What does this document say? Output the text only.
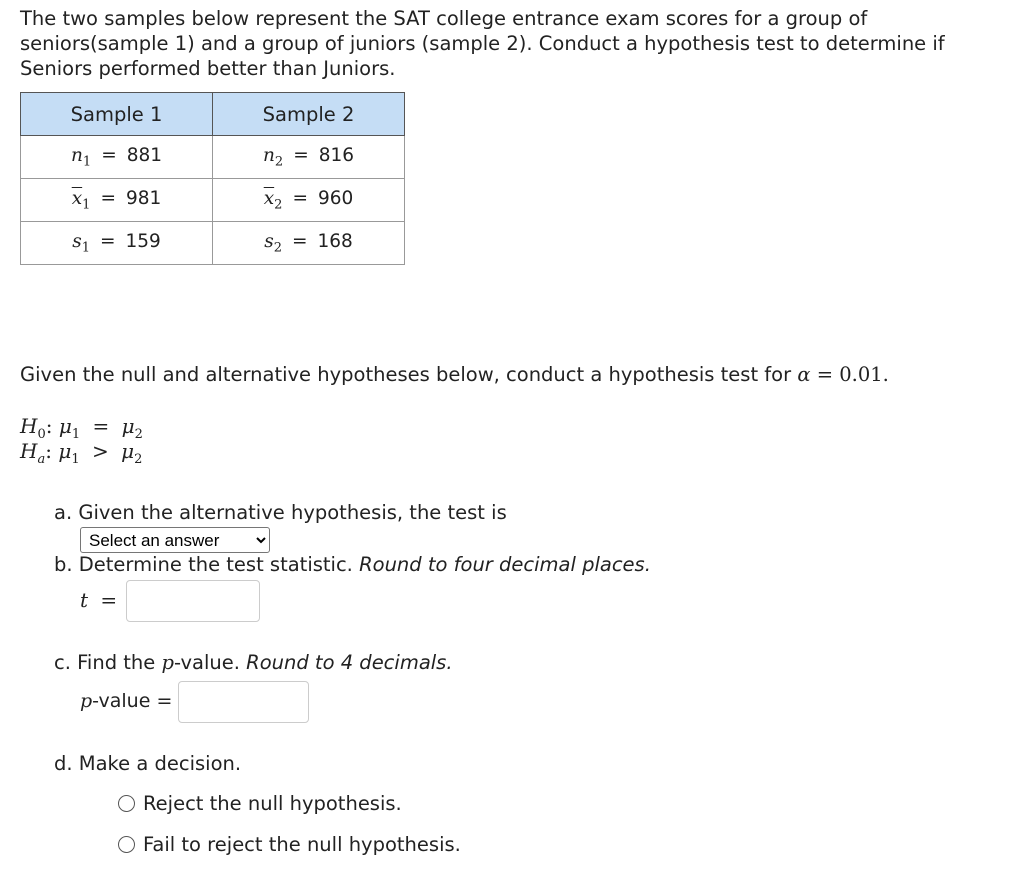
The two samples below represent the SAT college entrance exam scores for a group of
seniors(sample 1) and a group of juniors (sample 2). Conduct a hypothesis test to determine if
Seniors performed better than Juniors.
Sample 1	Sample 2
$n_1 = 881$	$n_2 = 816$
$\overline{x}_1 = 981$	$\overline{x}_2 = 960$
$s_1 = 159$	$s_2 = 168$
Given the null and alternative hypotheses below, conduct a hypothesis test for α = 0.01.
$H_0$: $\mu_1 = \mu_2$
$H_a$: $\mu_1 > \mu_2$
a. Given the alternative hypothesis, the test is
Select an answer
b. Determine the test statistic. Round to four decimal places.
t =
c. Find the p-value. Round to 4 decimals.
p-value =
d. Make a decision.
Reject the null hypothesis.
Fail to reject the null hypothesis.
